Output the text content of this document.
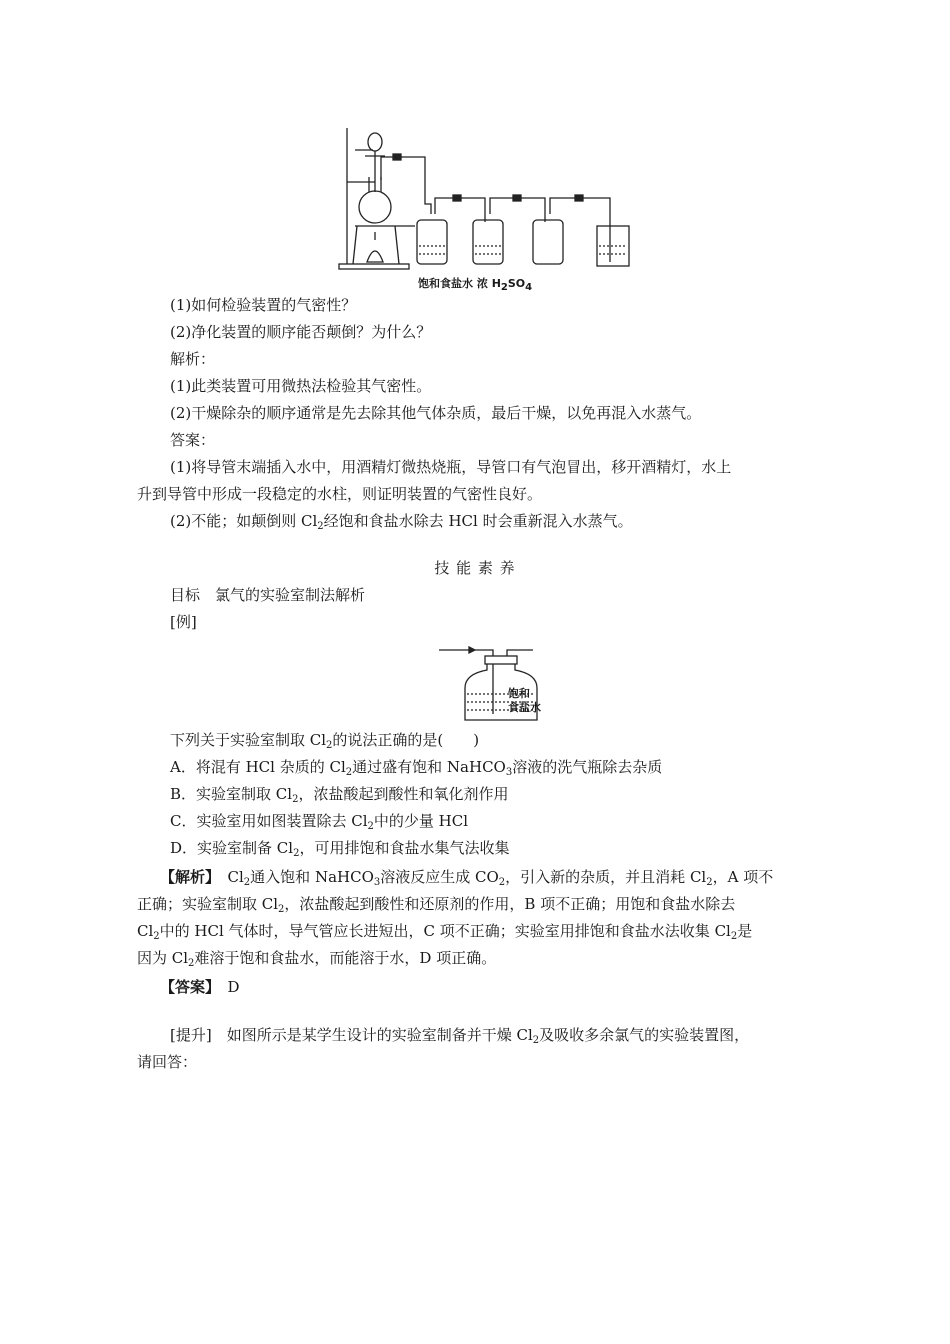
饱和食盐水 浓 $H_2SO_4$
(1)如何检验装置的气密性？
(2)净化装置的顺序能否颠倒？为什么？
解析：
(1)此类装置可用微热法检验其气密性。
(2)干燥除杂的顺序通常是先去除其他气体杂质，最后干燥，以免再混入水蒸气。
答案：
(1)将导管末端插入水中，用酒精灯微热烧瓶，导管口有气泡冒出，移开酒精灯，水上
升到导管中形成一段稳定的水柱，则证明装置的气密性良好。
(2)不能；如颠倒则 $Cl_2$经饱和食盐水除去 HCl 时会重新混入水蒸气。
技 能 素 养
目标　氯气的实验室制法解析
[例]
饱和
食盐水
下列关于实验室制取 $Cl_2$的说法正确的是(　　)
A．将混有 HCl 杂质的 $Cl_2$通过盛有饱和 NaHCO$_3$溶液的洗气瓶除去杂质
B．实验室制取 $Cl_2$，浓盐酸起到酸性和氧化剂作用
C．实验室用如图装置除去 $Cl_2$中的少量 HCl
D．实验室制备 $Cl_2$，可用排饱和食盐水集气法收集
【解析】　$Cl_2$通入饱和 NaHCO$_3$溶液反应生成 $CO_2$，引入新的杂质，并且消耗 $Cl_2$，A 项不
正确；实验室制取 $Cl_2$，浓盐酸起到酸性和还原剂的作用，B 项不正确；用饱和食盐水除去
$Cl_2$中的 HCl 气体时，导气管应长进短出，C 项不正确；实验室用排饱和食盐水法收集 $Cl_2$是
因为 $Cl_2$难溶于饱和食盐水，而能溶于水，D 项正确。
【答案】　D
[提升]　如图所示是某学生设计的实验室制备并干燥 $Cl_2$及吸收多余氯气的实验装置图，
请回答：
